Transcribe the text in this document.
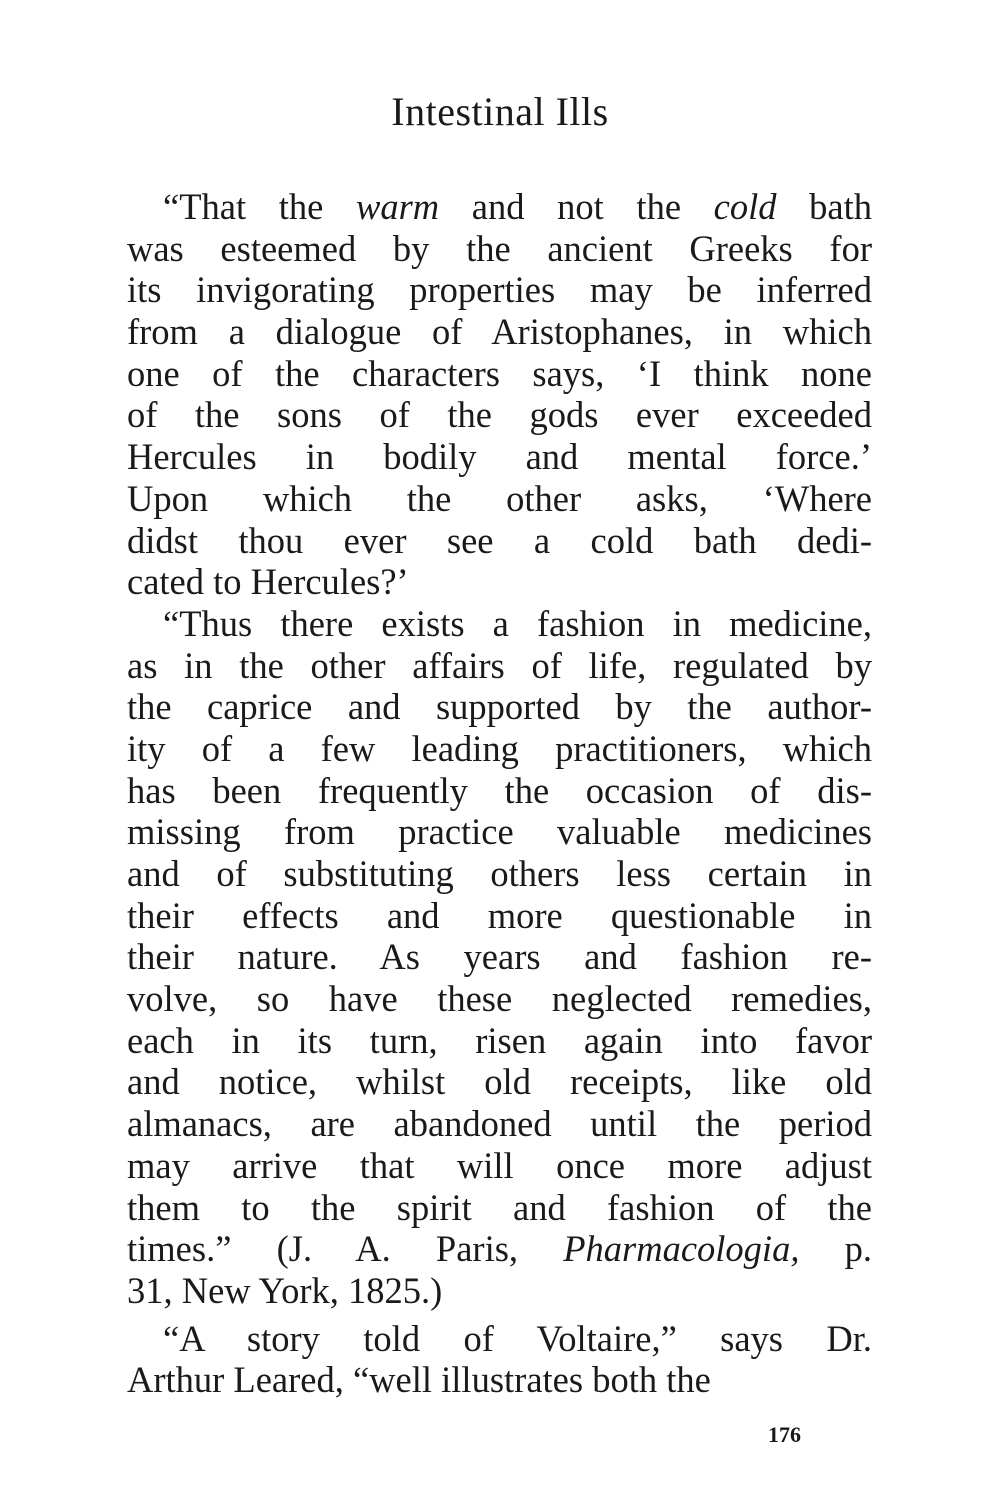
Intestinal Ills
“That the warm and not the cold bath
was esteemed by the ancient Greeks for
its invigorating properties may be inferred
from a dialogue of Aristophanes, in which
one of the characters says, ‘I think none
of the sons of the gods ever exceeded
Hercules in bodily and mental force.’
Upon which the other asks, ‘Where
didst thou ever see a cold bath dedi-
cated to Hercules?’
“Thus there exists a fashion in medicine,
as in the other affairs of life, regulated by
the caprice and supported by the author-
ity of a few leading practitioners, which
has been frequently the occasion of dis-
missing from practice valuable medicines
and of substituting others less certain in
their effects and more questionable in
their nature. As years and fashion re-
volve, so have these neglected remedies,
each in its turn, risen again into favor
and notice, whilst old receipts, like old
almanacs, are abandoned until the period
may arrive that will once more adjust
them to the spirit and fashion of the
times.” (J. A. Paris, Pharmacologia, p.
31, New York, 1825.)
“A story told of Voltaire,” says Dr.
Arthur Leared, “well illustrates both the
176
